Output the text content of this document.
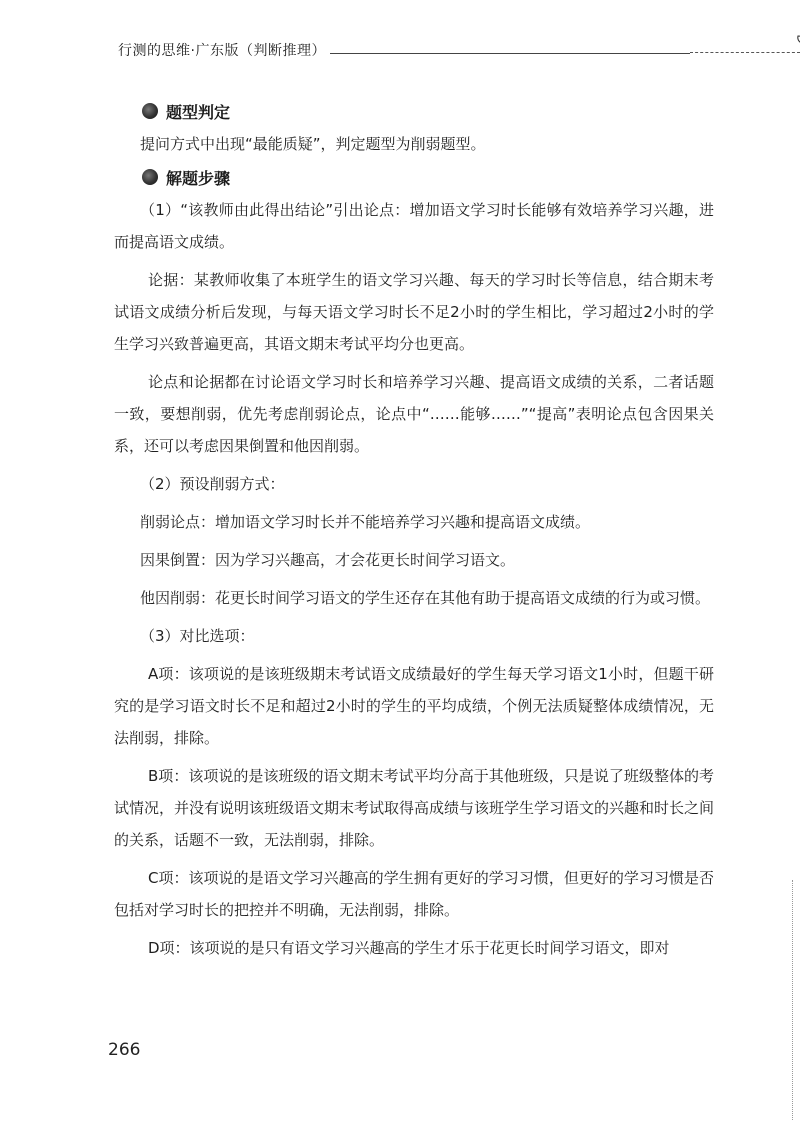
行测的思维·广东版（判断推理）
题型判定

提问方式中出现“最能质疑”，判定题型为削弱题型。

解题步骤

（1）“该教师由此得出结论”引出论点：增加语文学习时长能够有效培养学习兴趣，进而提高语文成绩。

论据：某教师收集了本班学生的语文学习兴趣、每天的学习时长等信息，结合期末考试语文成绩分析后发现，与每天语文学习时长不足2小时的学生相比，学习超过2小时的学生学习兴致普遍更高，其语文期末考试平均分也更高。

论点和论据都在讨论语文学习时长和培养学习兴趣、提高语文成绩的关系，二者话题一致，要想削弱，优先考虑削弱论点，论点中“……能够……”“提高”表明论点包含因果关系，还可以考虑因果倒置和他因削弱。

（2）预设削弱方式：

削弱论点：增加语文学习时长并不能培养学习兴趣和提高语文成绩。

因果倒置：因为学习兴趣高，才会花更长时间学习语文。

他因削弱：花更长时间学习语文的学生还存在其他有助于提高语文成绩的行为或习惯。

（3）对比选项：

A项：该项说的是该班级期末考试语文成绩最好的学生每天学习语文1小时，但题干研究的是学习语文时长不足和超过2小时的学生的平均成绩，个例无法质疑整体成绩情况，无法削弱，排除。

B项：该项说的是该班级的语文期末考试平均分高于其他班级，只是说了班级整体的考试情况，并没有说明该班级语文期末考试取得高成绩与该班学生学习语文的兴趣和时长之间的关系，话题不一致，无法削弱，排除。

C项：该项说的是语文学习兴趣高的学生拥有更好的学习习惯，但更好的学习习惯是否包括对学习时长的把控并不明确，无法削弱，排除。

D项：该项说的是只有语文学习兴趣高的学生才乐于花更长时间学习语文，即对

266
